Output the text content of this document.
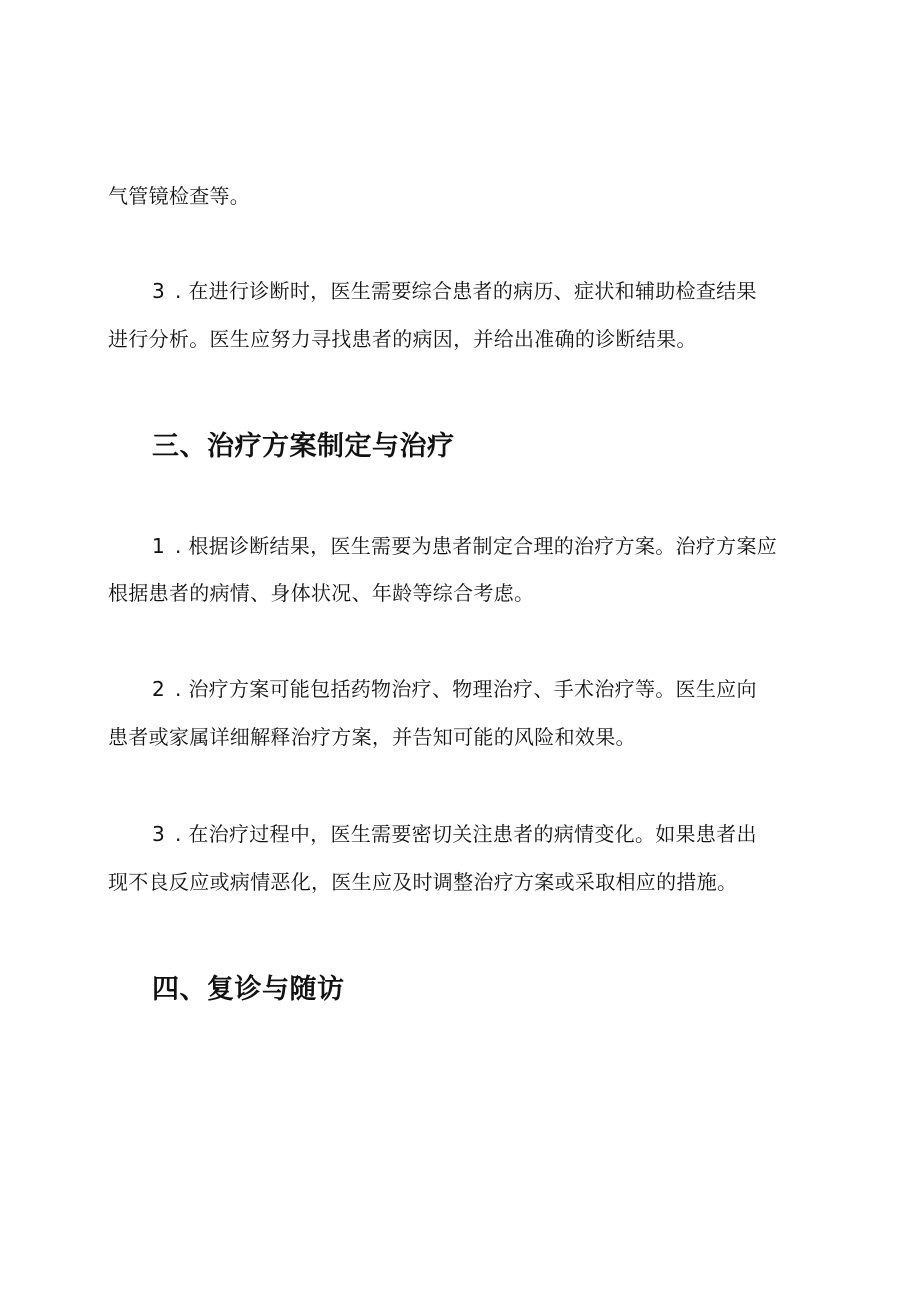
气管镜检查等。
3 . 在进行诊断时，医生需要综合患者的病历、症状和辅助检查结果
进行分析。医生应努力寻找患者的病因，并给出准确的诊断结果。
三、治疗方案制定与治疗
1 . 根据诊断结果，医生需要为患者制定合理的治疗方案。治疗方案应
根据患者的病情、身体状况、年龄等综合考虑。
2 . 治疗方案可能包括药物治疗、物理治疗、手术治疗等。医生应向
患者或家属详细解释治疗方案，并告知可能的风险和效果。
3 . 在治疗过程中，医生需要密切关注患者的病情变化。如果患者出
现不良反应或病情恶化，医生应及时调整治疗方案或采取相应的措施。
四、复诊与随访
